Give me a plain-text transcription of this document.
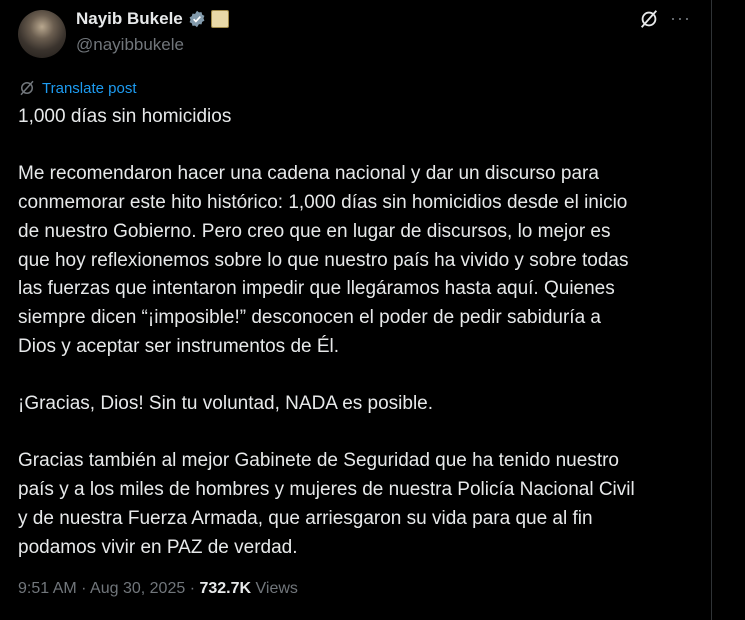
Nayib Bukele
@nayibbukele
···
Translate post
1,000 días sin homicidios
Me recomendaron hacer una cadena nacional y dar un discurso para
conmemorar este hito histórico: 1,000 días sin homicidios desde el inicio
de nuestro Gobierno. Pero creo que en lugar de discursos, lo mejor es
que hoy reflexionemos sobre lo que nuestro país ha vivido y sobre todas
las fuerzas que intentaron impedir que llegáramos hasta aquí. Quienes
siempre dicen “¡imposible!” desconocen el poder de pedir sabiduría a
Dios y aceptar ser instrumentos de Él.
¡Gracias, Dios! Sin tu voluntad, NADA es posible.
Gracias también al mejor Gabinete de Seguridad que ha tenido nuestro
país y a los miles de hombres y mujeres de nuestra Policía Nacional Civil
y de nuestra Fuerza Armada, que arriesgaron su vida para que al fin
podamos vivir en PAZ de verdad.
9:51 AM · Aug 30, 2025 · 732.7K Views
